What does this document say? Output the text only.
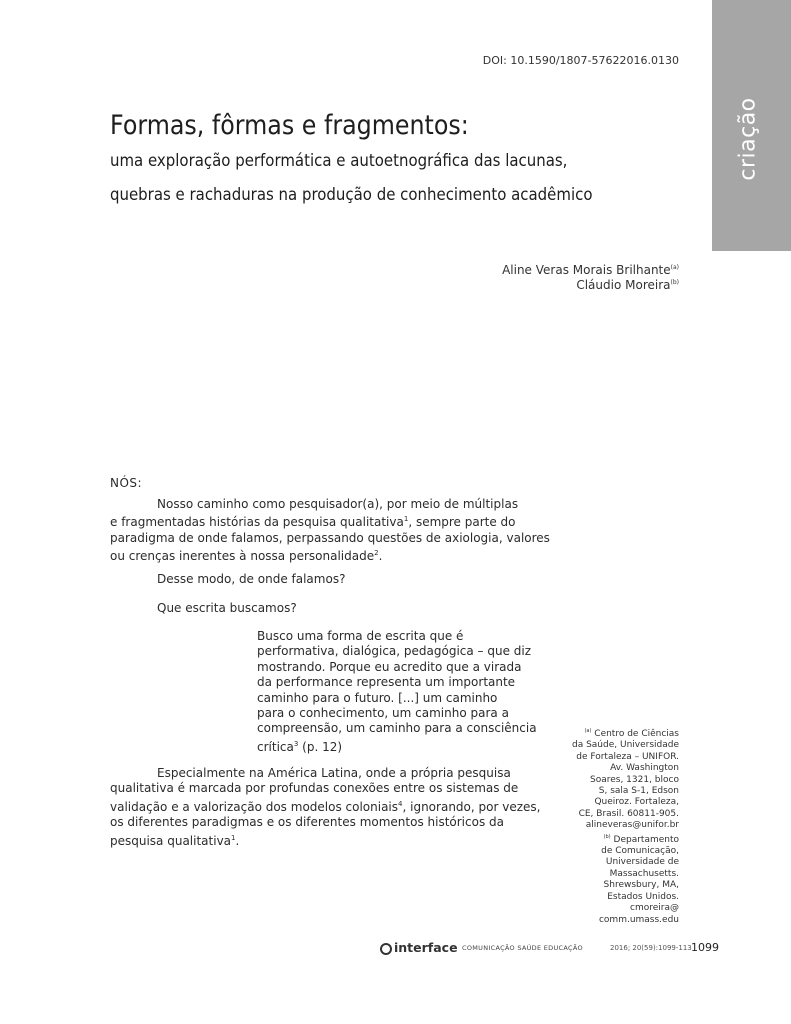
DOI: 10.1590/1807-57622016.0130
criação
Formas, fôrmas e fragmentos:
uma exploração performática e autoetnográfica das lacunas,
quebras e rachaduras na produção de conhecimento acadêmico
Aline Veras Morais Brilhante$^{(a)}$
Cláudio Moreira$^{(b)}$
NÓS:
Nosso caminho como pesquisador(a), por meio de múltiplas
e fragmentadas histórias da pesquisa qualitativa$^1$, sempre parte do
paradigma de onde falamos, perpassando questões de axiologia, valores
ou crenças inerentes à nossa personalidade$^2$.
Desse modo, de onde falamos?
Que escrita buscamos?
Busco uma forma de escrita que é
performativa, dialógica, pedagógica – que diz
mostrando. Porque eu acredito que a virada
da performance representa um importante
caminho para o futuro. [...] um caminho
para o conhecimento, um caminho para a
compreensão, um caminho para a consciência
crítica$^3$ (p. 12)
Especialmente na América Latina, onde a própria pesquisa
qualitativa é marcada por profundas conexões entre os sistemas de
validação e a valorização dos modelos coloniais$^4$, ignorando, por vezes,
os diferentes paradigmas e os diferentes momentos históricos da
pesquisa qualitativa$^1$.
$^{(a)}$ Centro de Ciências
da Saúde, Universidade
de Fortaleza – UNIFOR.
Av. Washington
Soares, 1321, bloco
S, sala S-1, Edson
Queiroz. Fortaleza,
CE, Brasil. 60811-905.
alineveras@unifor.br
$^{(b)}$ Departamento
de Comunicação,
Universidade de
Massachusetts.
Shrewsbury, MA,
Estados Unidos.
cmoreira@
comm.umass.edu
interface COMUNICAÇÃO SAÚDE EDUCAÇÃO	2016; 20(59):1099-113 1099
